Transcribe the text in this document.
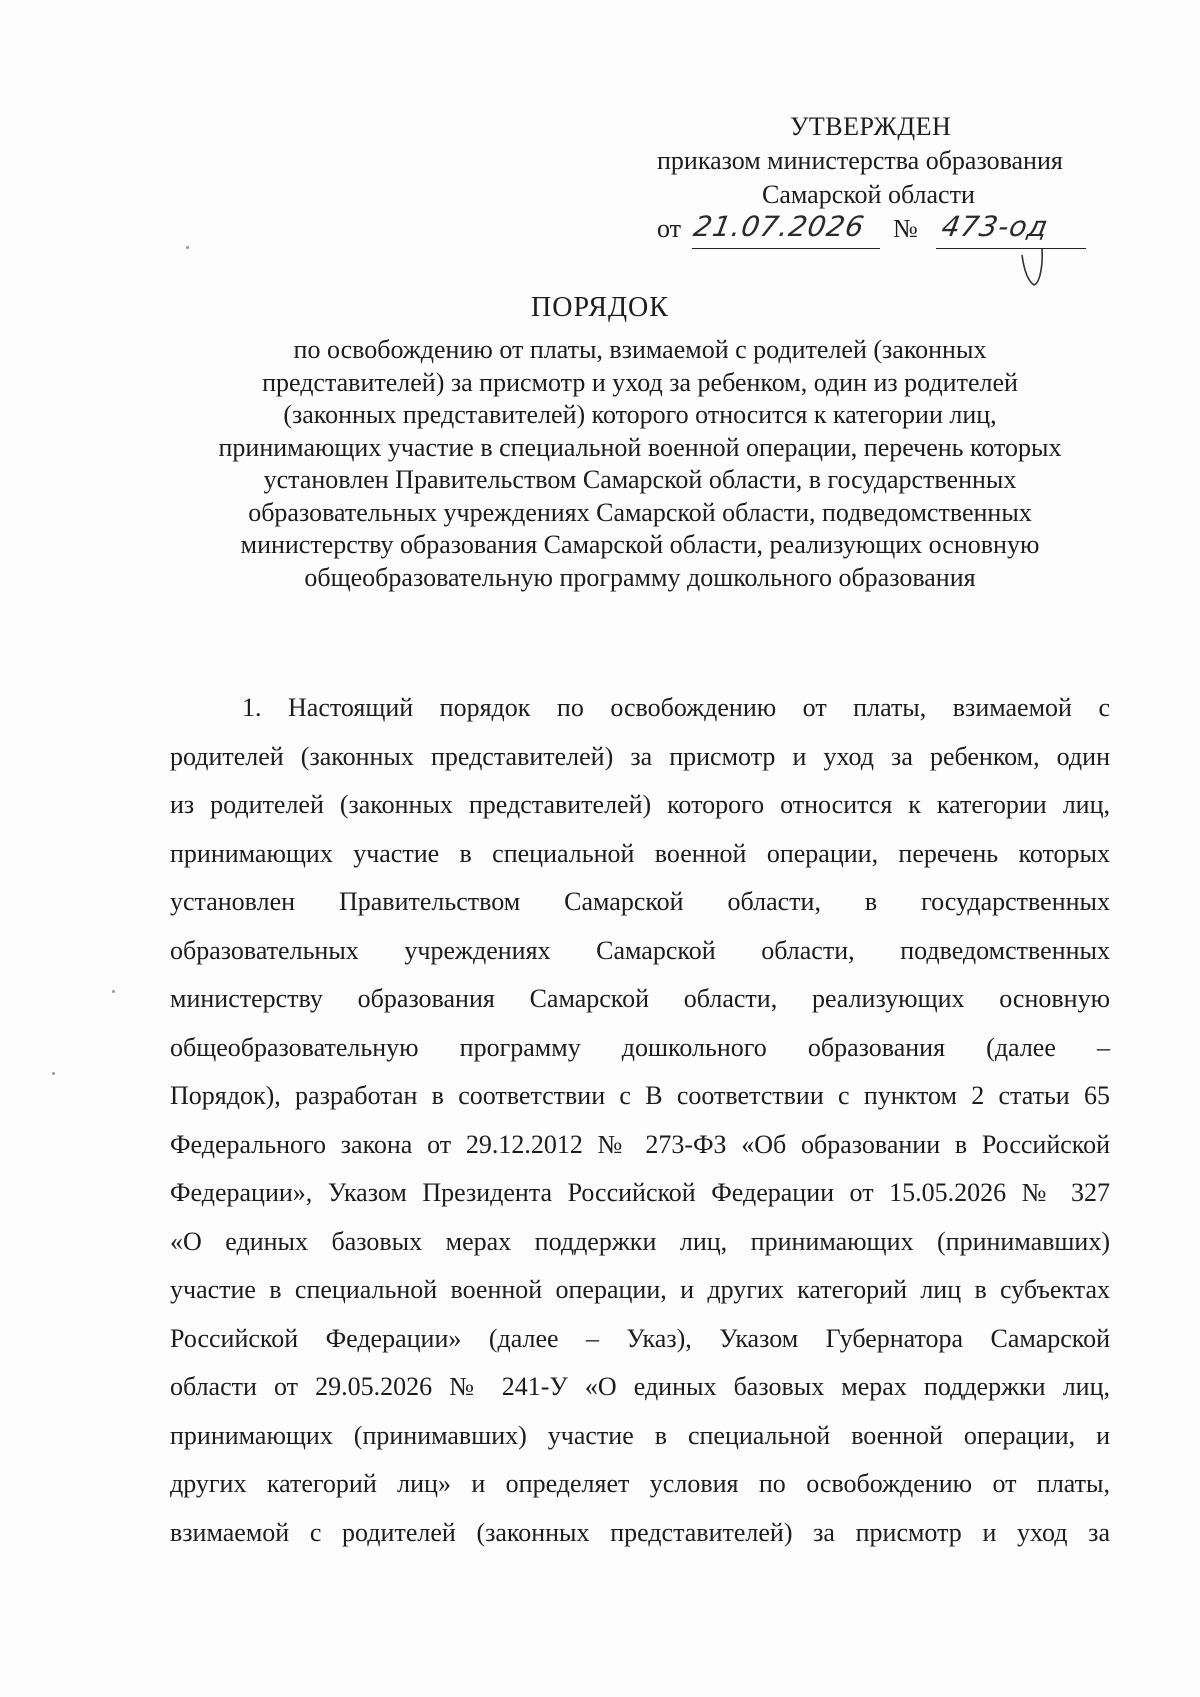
УТВЕРЖДЕН
приказом министерства образования
Самарской области
от 21.07.2026 № 473-од
ПОРЯДОК
по освобождению от платы, взимаемой с родителей (законных
представителей) за присмотр и уход за ребенком, один из родителей
(законных представителей) которого относится к категории лиц,
принимающих участие в специальной военной операции, перечень которых
установлен Правительством Самарской области, в государственных
образовательных учреждениях Самарской области, подведомственных
министерству образования Самарской области, реализующих основную
общеобразовательную программу дошкольного образования
1. Настоящий порядок по освобождению от платы, взимаемой с
родителей (законных представителей) за присмотр и уход за ребенком, один
из родителей (законных представителей) которого относится к категории лиц,
принимающих участие в специальной военной операции, перечень которых
установлен Правительством Самарской области, в государственных
образовательных учреждениях Самарской области, подведомственных
министерству образования Самарской области, реализующих основную
общеобразовательную программу дошкольного образования (далее –
Порядок), разработан в соответствии с В соответствии с пунктом 2 статьи 65
Федерального закона от 29.12.2012 № 273-ФЗ «Об образовании в Российской
Федерации», Указом Президента Российской Федерации от 15.05.2026 № 327
«О единых базовых мерах поддержки лиц, принимающих (принимавших)
участие в специальной военной операции, и других категорий лиц в субъектах
Российской Федерации» (далее – Указ), Указом Губернатора Самарской
области от 29.05.2026 № 241-У «О единых базовых мерах поддержки лиц,
принимающих (принимавших) участие в специальной военной операции, и
других категорий лиц» и определяет условия по освобождению от платы,
взимаемой с родителей (законных представителей) за присмотр и уход за
